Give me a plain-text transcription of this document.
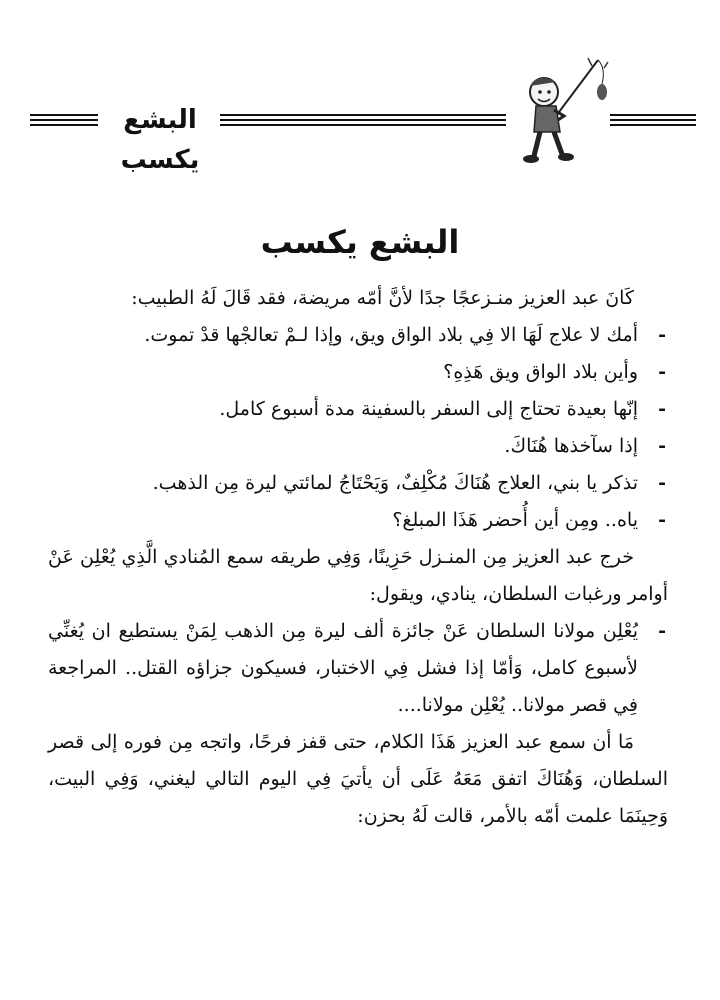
البشع يكسب
البشع يكسب

كَانَ عبد العزيز منـزعجًا جدًا لأنَّ أمّه مريضة، فقد قَالَ لَهُ الطبيب:

-
أمك لا علاج لَهَا الا فِي بلاد الواق ويق، وإذا لـمْ تعالجْها قدْ تموت.

-
وأين بلاد الواق ويق هَذِهِ؟

-
إنّها بعيدة تحتاج إلى السفر بالسفينة مدة أسبوع كامل.

-
إذا سآخذها هُنَاكَ.

-
تذكر يا بني، العلاج هُنَاكَ مُكْلِفٌ، وَيَحْتَاجُ لمائتي ليرة مِن الذهب.

-
ياه.. ومِن أين أُحضر هَذَا المبلغ؟

خرج عبد العزيز مِن المنـزل حَزِينًا، وَفِي طريقه سمع المُنادي الَّذِي يُعْلِن عَنْ أوامر ورغبات السلطان، ينادي، ويقول:

-
يُعْلِن مولانا السلطان عَنْ جائزة ألف ليرة مِن الذهب لِمَنْ يستطيع ان يُغنِّي لأسبوع كامل، وَأمّا إذا فشل فِي الاختبار، فسيكون جزاؤه القتل.. المراجعة فِي قصر مولانا.. يُعْلِن مولانا....

مَا أن سمع عبد العزيز هَذَا الكلام، حتى قفز فرحًا، واتجه مِن فوره إلى قصر السلطان، وَهُنَاكَ اتفق مَعَهُ عَلَى أن يأتيَ فِي اليوم التالي ليغني، وَفِي البيت، وَحِينَمَا علمت أمّه بالأمر، قالت لَهُ بحزن:
